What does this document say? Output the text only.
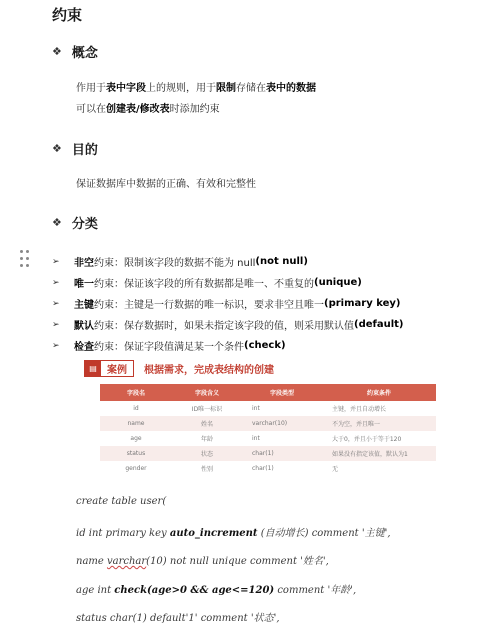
约束
❖ 概念
作用于表中字段上的规则，用于限制存储在表中的数据
可以在创建表/修改表时添加约束
❖ 目的
保证数据库中数据的正确、有效和完整性
❖ 分类
➢	非空 约束：限制该字段的数据不能为 null (not null)
➢	唯一 约束：保证该字段的所有数据都是唯一、不重复的 (unique)
➢	主键 约束：主键是一行数据的唯一标识，要求非空且唯一 (primary key)
➢	默认 约束：保存数据时，如果未指定该字段的值，则采用默认值 (default)
➢	检查 约束：保证字段值满足某一个条件 (check)
▤	案例	根据需求，完成表结构的创建
字段名	字段含义	字段类型	约束条件
id	ID唯一标识	int	主键，并且自动增长
name	姓名	varchar(10)	不为空，并且唯一
age	年龄	int	大于0，并且小于等于120
status	状态	char(1)	如果没有指定该值，默认为1
gender	性别	char(1)	无
create table user(
id int primary key auto_increment (自动增长) comment '主键',
name varchar(10) not null unique comment '姓名',
age int check(age>0 && age<=120) comment '年龄',
status char(1) default'1' comment '状态',
